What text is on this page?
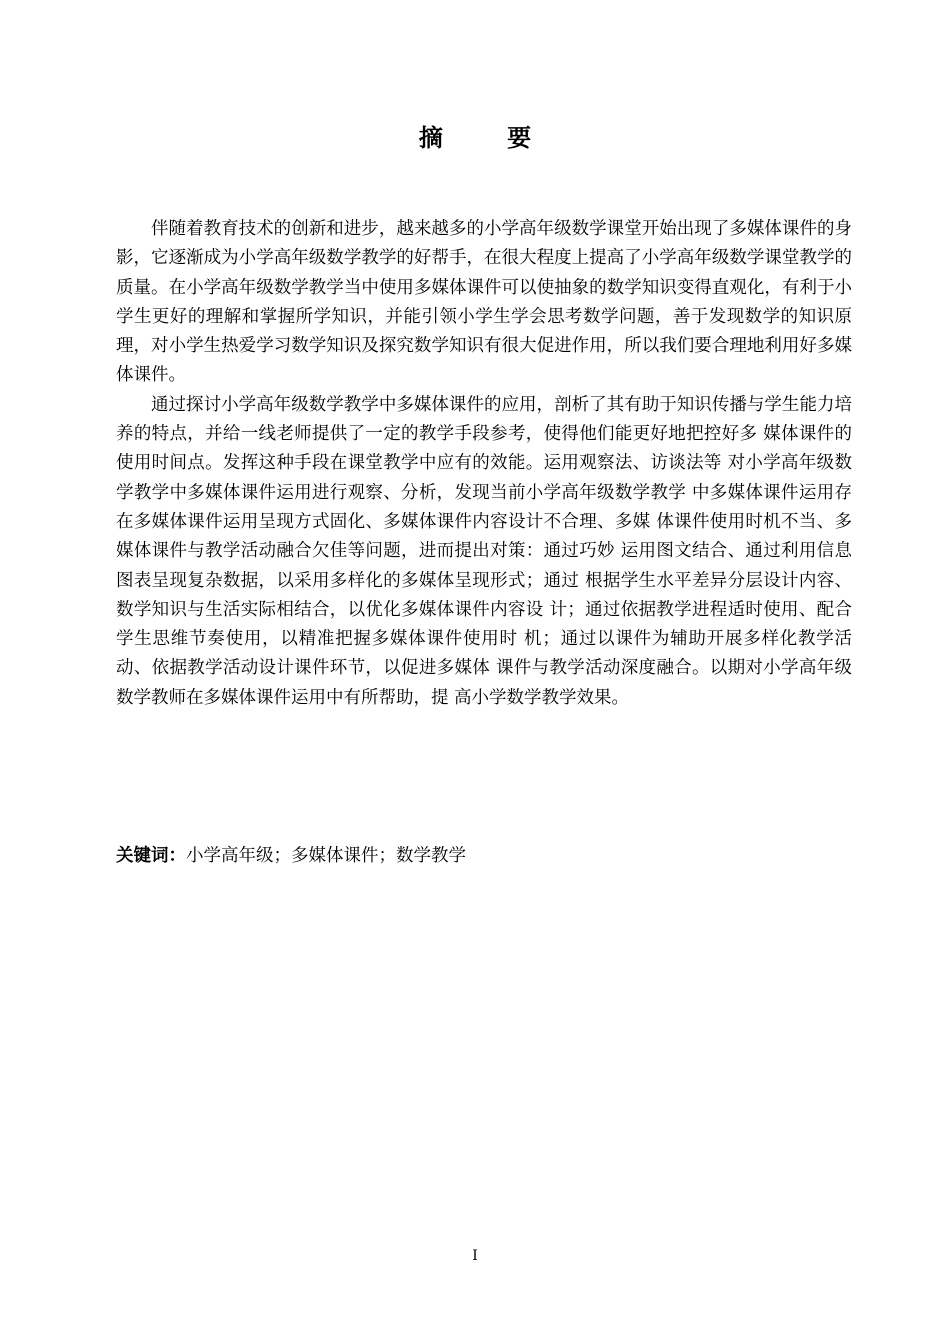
摘 要

伴随着教育技术的创新和进步，越来越多的小学高年级数学课堂开始出现了多媒体课件的身影，它逐渐成为小学高年级数学教学的好帮手，在很大程度上提高了小学高年级数学课堂教学的质量。在小学高年级数学教学当中使用多媒体课件可以使抽象的数学知识变得直观化，有利于小学生更好的理解和掌握所学知识，并能引领小学生学会思考数学问题，善于发现数学的知识原理，对小学生热爱学习数学知识及探究数学知识有很大促进作用，所以我们要合理地利用好多媒体课件。

通过探讨小学高年级数学教学中多媒体课件的应用，剖析了其有助于知识传播与学生能力培养的特点，并给一线老师提供了一定的教学手段参考，使得他们能更好地把控好多 媒体课件的使用时间点。发挥这种手段在课堂教学中应有的效能。运用观察法、访谈法等 对小学高年级数学教学中多媒体课件运用进行观察、分析，发现当前小学高年级数学教学 中多媒体课件运用存在多媒体课件运用呈现方式固化、多媒体课件内容设计不合理、多媒 体课件使用时机不当、多媒体课件与教学活动融合欠佳等问题，进而提出对策：通过巧妙 运用图文结合、通过利用信息图表呈现复杂数据，以采用多样化的多媒体呈现形式；通过 根据学生水平差异分层设计内容、数学知识与生活实际相结合，以优化多媒体课件内容设 计；通过依据教学进程适时使用、配合学生思维节奏使用，以精准把握多媒体课件使用时 机；通过以课件为辅助开展多样化教学活动、依据教学活动设计课件环节，以促进多媒体 课件与教学活动深度融合。以期对小学高年级数学教师在多媒体课件运用中有所帮助，提 高小学数学教学效果。

关键词：小学高年级；多媒体课件；数学教学
I
